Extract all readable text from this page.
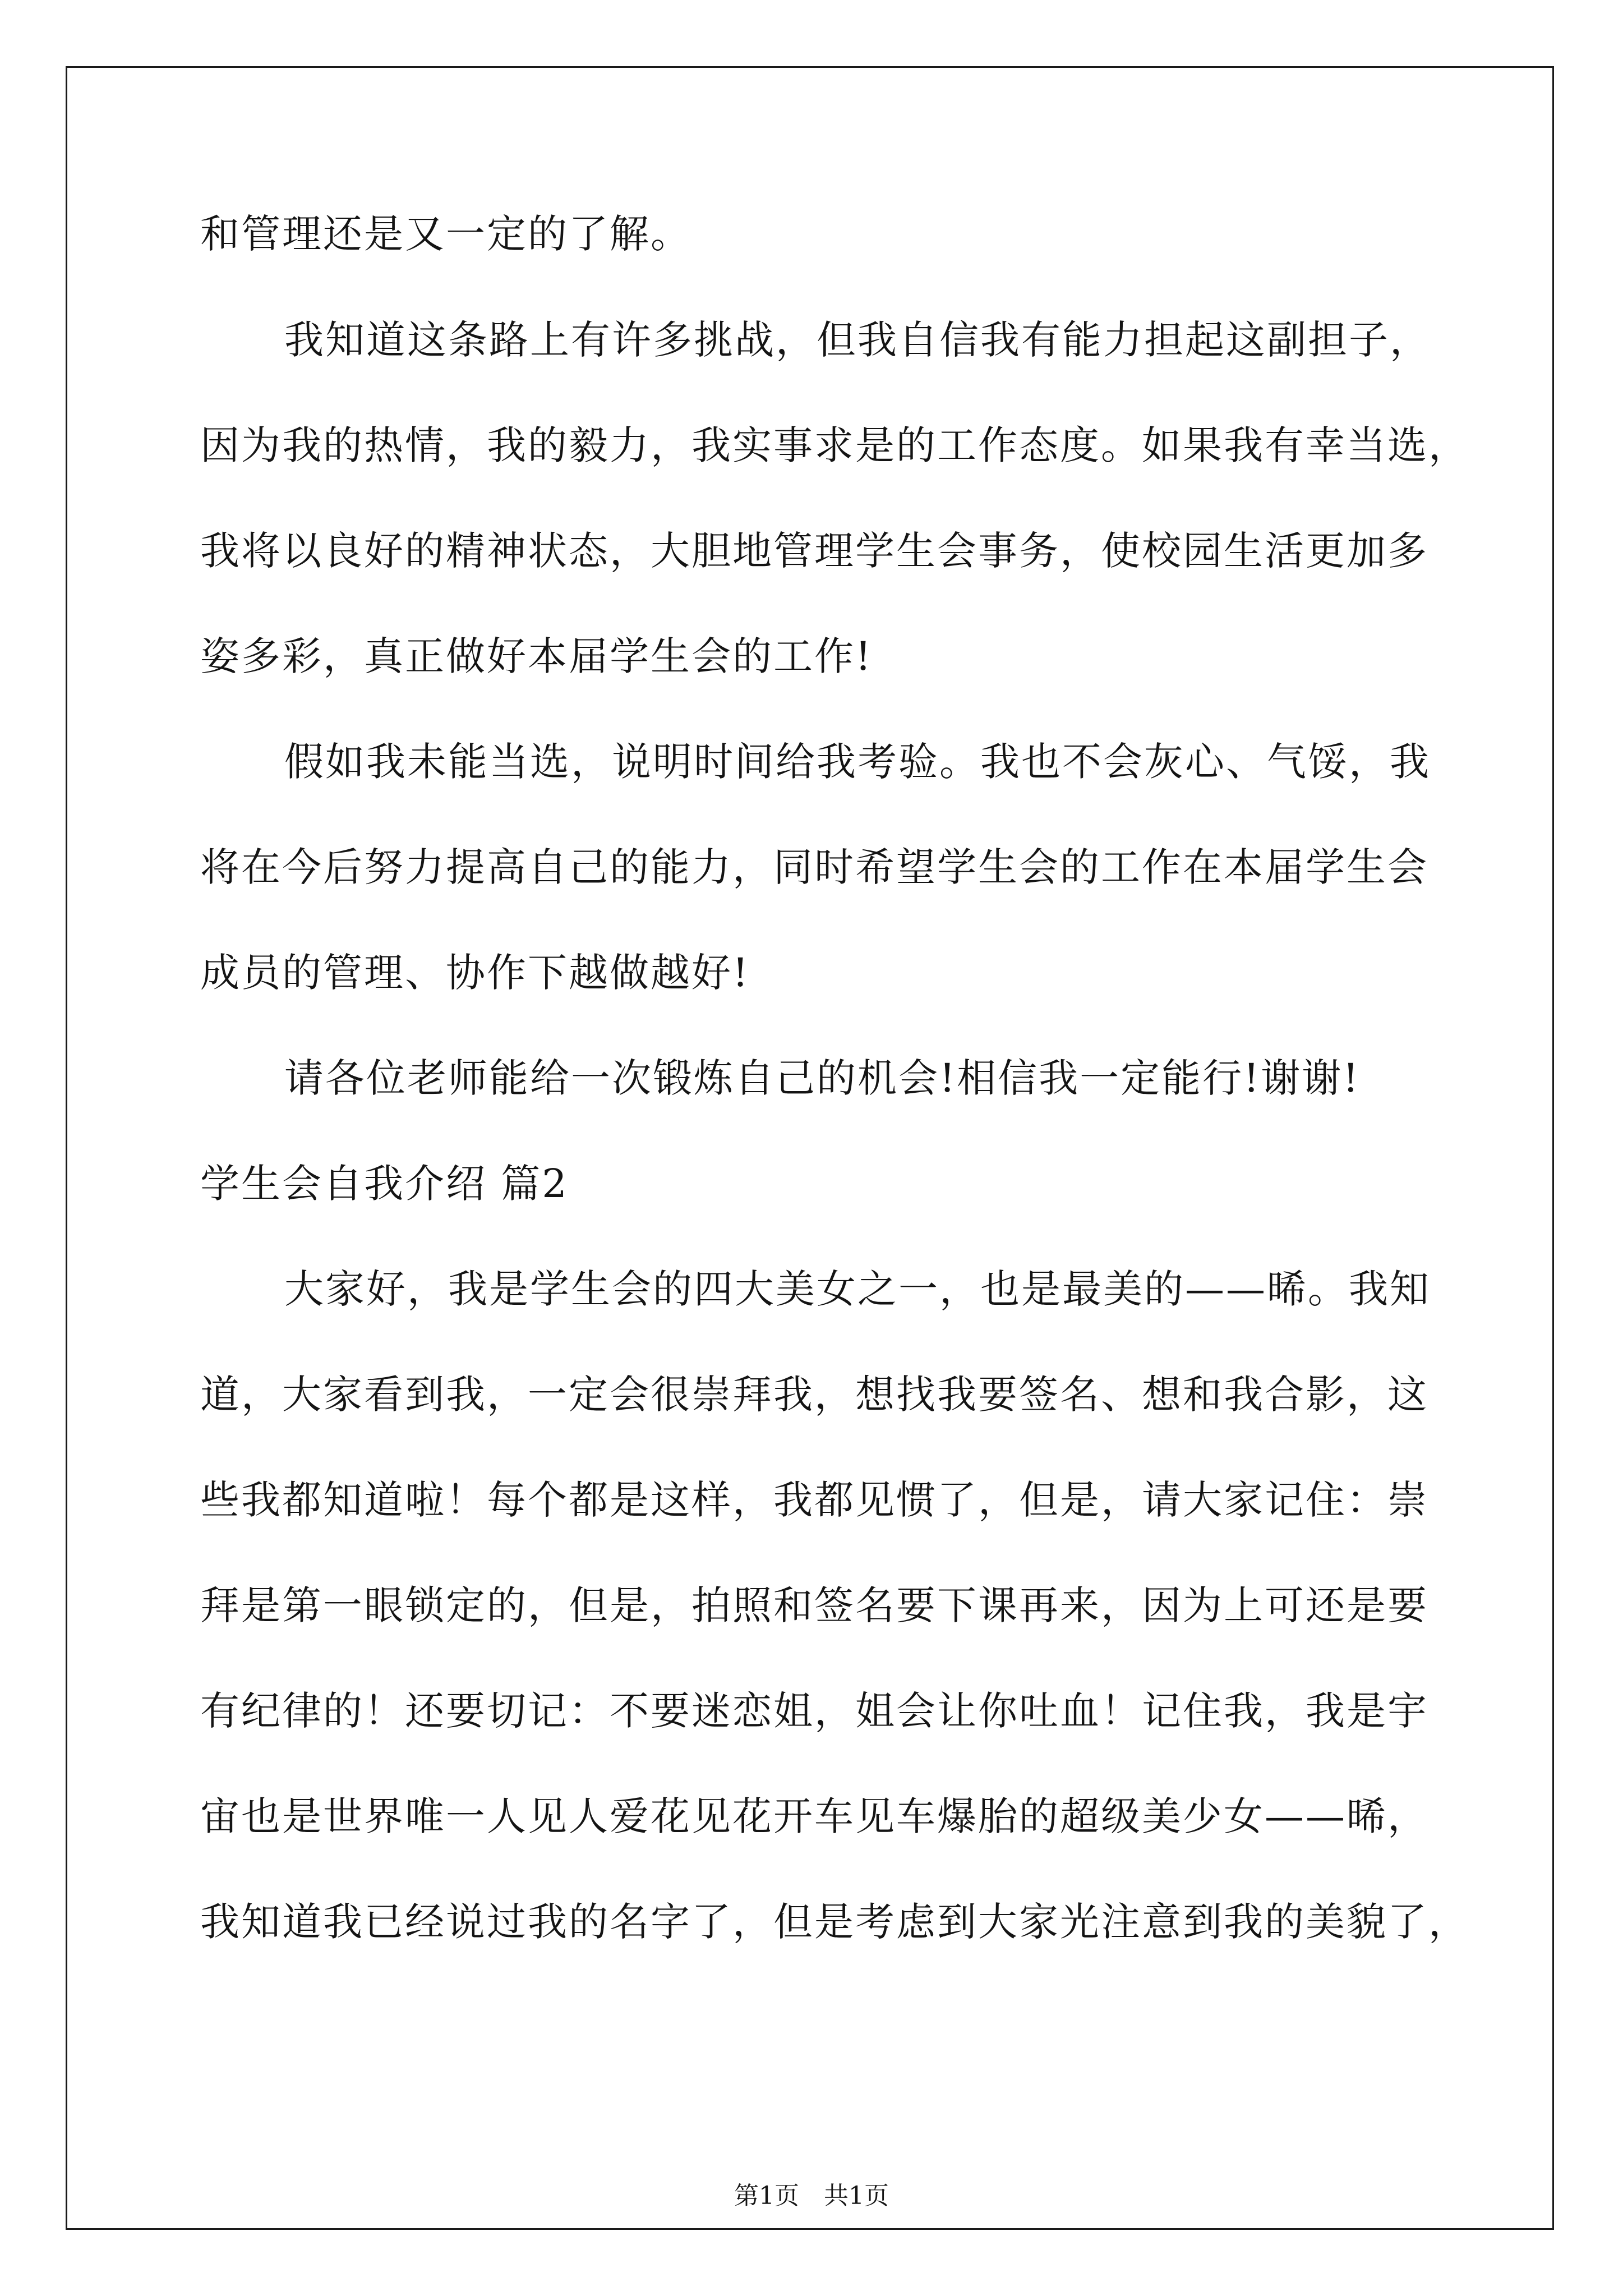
和管理还是又一定的了解。
我知道这条路上有许多挑战，但我自信我有能力担起这副担子，
因为我的热情，我的毅力，我实事求是的工作态度。如果我有幸当选，
我将以良好的精神状态，大胆地管理学生会事务，使校园生活更加多
姿多彩，真正做好本届学生会的工作!
假如我未能当选，说明时间给我考验。我也不会灰心、气馁，我
将在今后努力提高自己的能力，同时希望学生会的工作在本届学生会
成员的管理、协作下越做越好!
请各位老师能给一次锻炼自己的机会!相信我一定能行!谢谢!
学生会自我介绍 篇2
大家好，我是学生会的四大美女之一，也是最美的——晞。我知
道，大家看到我，一定会很崇拜我，想找我要签名、想和我合影，这
些我都知道啦！每个都是这样，我都见惯了，但是，请大家记住：崇
拜是第一眼锁定的，但是，拍照和签名要下课再来，因为上可还是要
有纪律的！还要切记：不要迷恋姐，姐会让你吐血！记住我，我是宇
宙也是世界唯一人见人爱花见花开车见车爆胎的超级美少女——晞，
我知道我已经说过我的名字了，但是考虑到大家光注意到我的美貌了，
第1页　共1页
